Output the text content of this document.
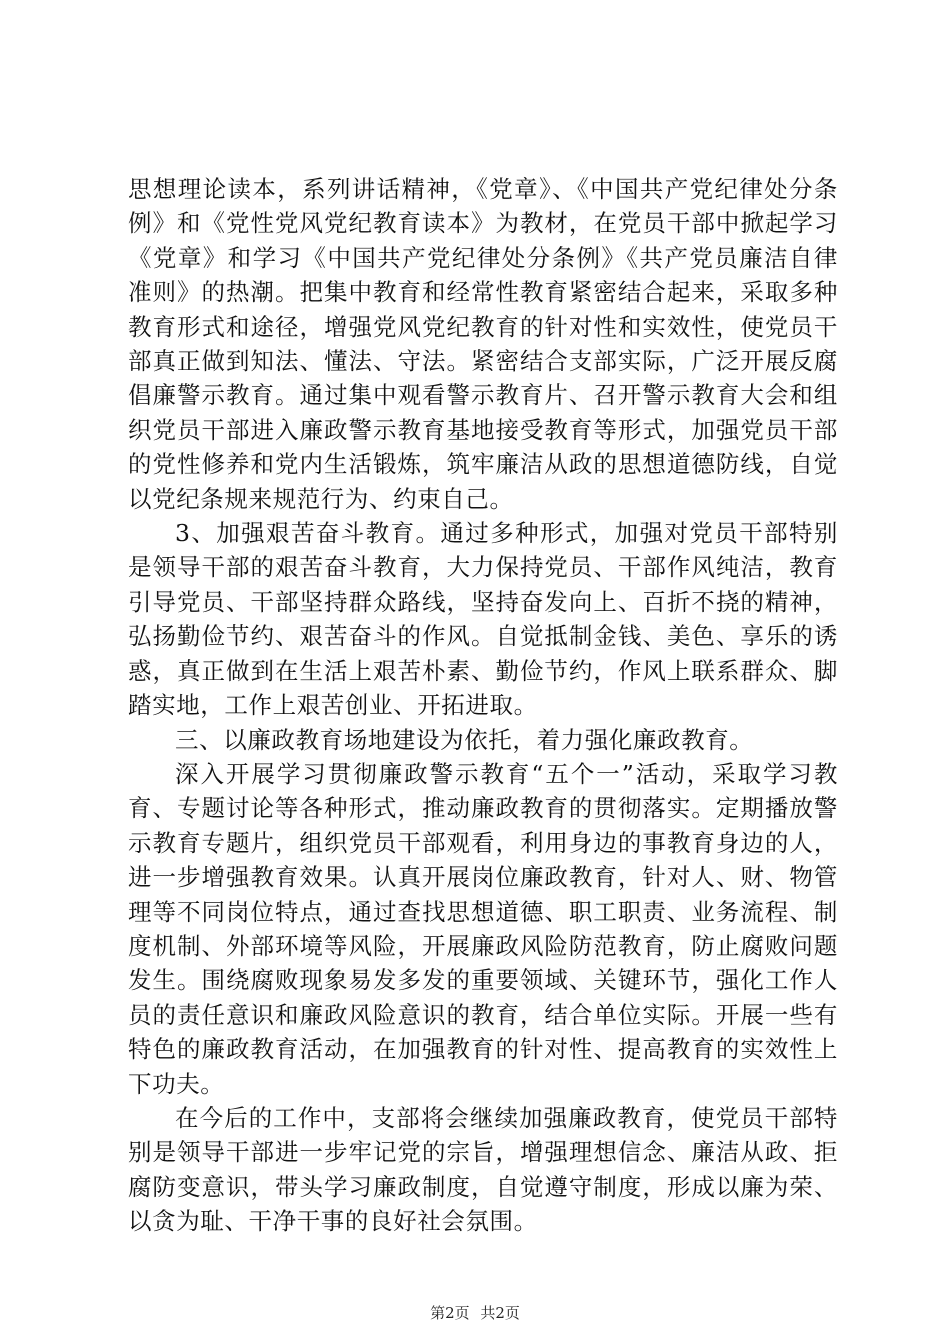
思想理论读本，系列讲话精神，《党章》、《中国共产党纪律处分条例》和《党性党风党纪教育读本》为教材，在党员干部中掀起学习《党章》和学习《中国共产党纪律处分条例》《共产党员廉洁自律准则》的热潮。把集中教育和经常性教育紧密结合起来，采取多种教育形式和途径，增强党风党纪教育的针对性和实效性，使党员干部真正做到知法、懂法、守法。紧密结合支部实际，广泛开展反腐倡廉警示教育。通过集中观看警示教育片、召开警示教育大会和组织党员干部进入廉政警示教育基地接受教育等形式，加强党员干部的党性修养和党内生活锻炼，筑牢廉洁从政的思想道德防线，自觉以党纪条规来规范行为、约束自己。

3、加强艰苦奋斗教育。通过多种形式，加强对党员干部特别是领导干部的艰苦奋斗教育，大力保持党员、干部作风纯洁，教育引导党员、干部坚持群众路线，坚持奋发向上、百折不挠的精神，弘扬勤俭节约、艰苦奋斗的作风。自觉抵制金钱、美色、享乐的诱惑，真正做到在生活上艰苦朴素、勤俭节约，作风上联系群众、脚踏实地，工作上艰苦创业、开拓进取。

三、以廉政教育场地建设为依托，着力强化廉政教育。

深入开展学习贯彻廉政警示教育“五个一”活动，采取学习教育、专题讨论等各种形式，推动廉政教育的贯彻落实。定期播放警示教育专题片，组织党员干部观看，利用身边的事教育身边的人，进一步增强教育效果。认真开展岗位廉政教育，针对人、财、物管理等不同岗位特点，通过查找思想道德、职工职责、业务流程、制度机制、外部环境等风险，开展廉政风险防范教育，防止腐败问题发生。围绕腐败现象易发多发的重要领域、关键环节，强化工作人员的责任意识和廉政风险意识的教育，结合单位实际。开展一些有特色的廉政教育活动，在加强教育的针对性、提高教育的实效性上下功夫。

在今后的工作中，支部将会继续加强廉政教育，使党员干部特别是领导干部进一步牢记党的宗旨，增强理想信念、廉洁从政、拒腐防变意识，带头学习廉政制度，自觉遵守制度，形成以廉为荣、以贪为耻、干净干事的良好社会氛围。

第2页 共2页
